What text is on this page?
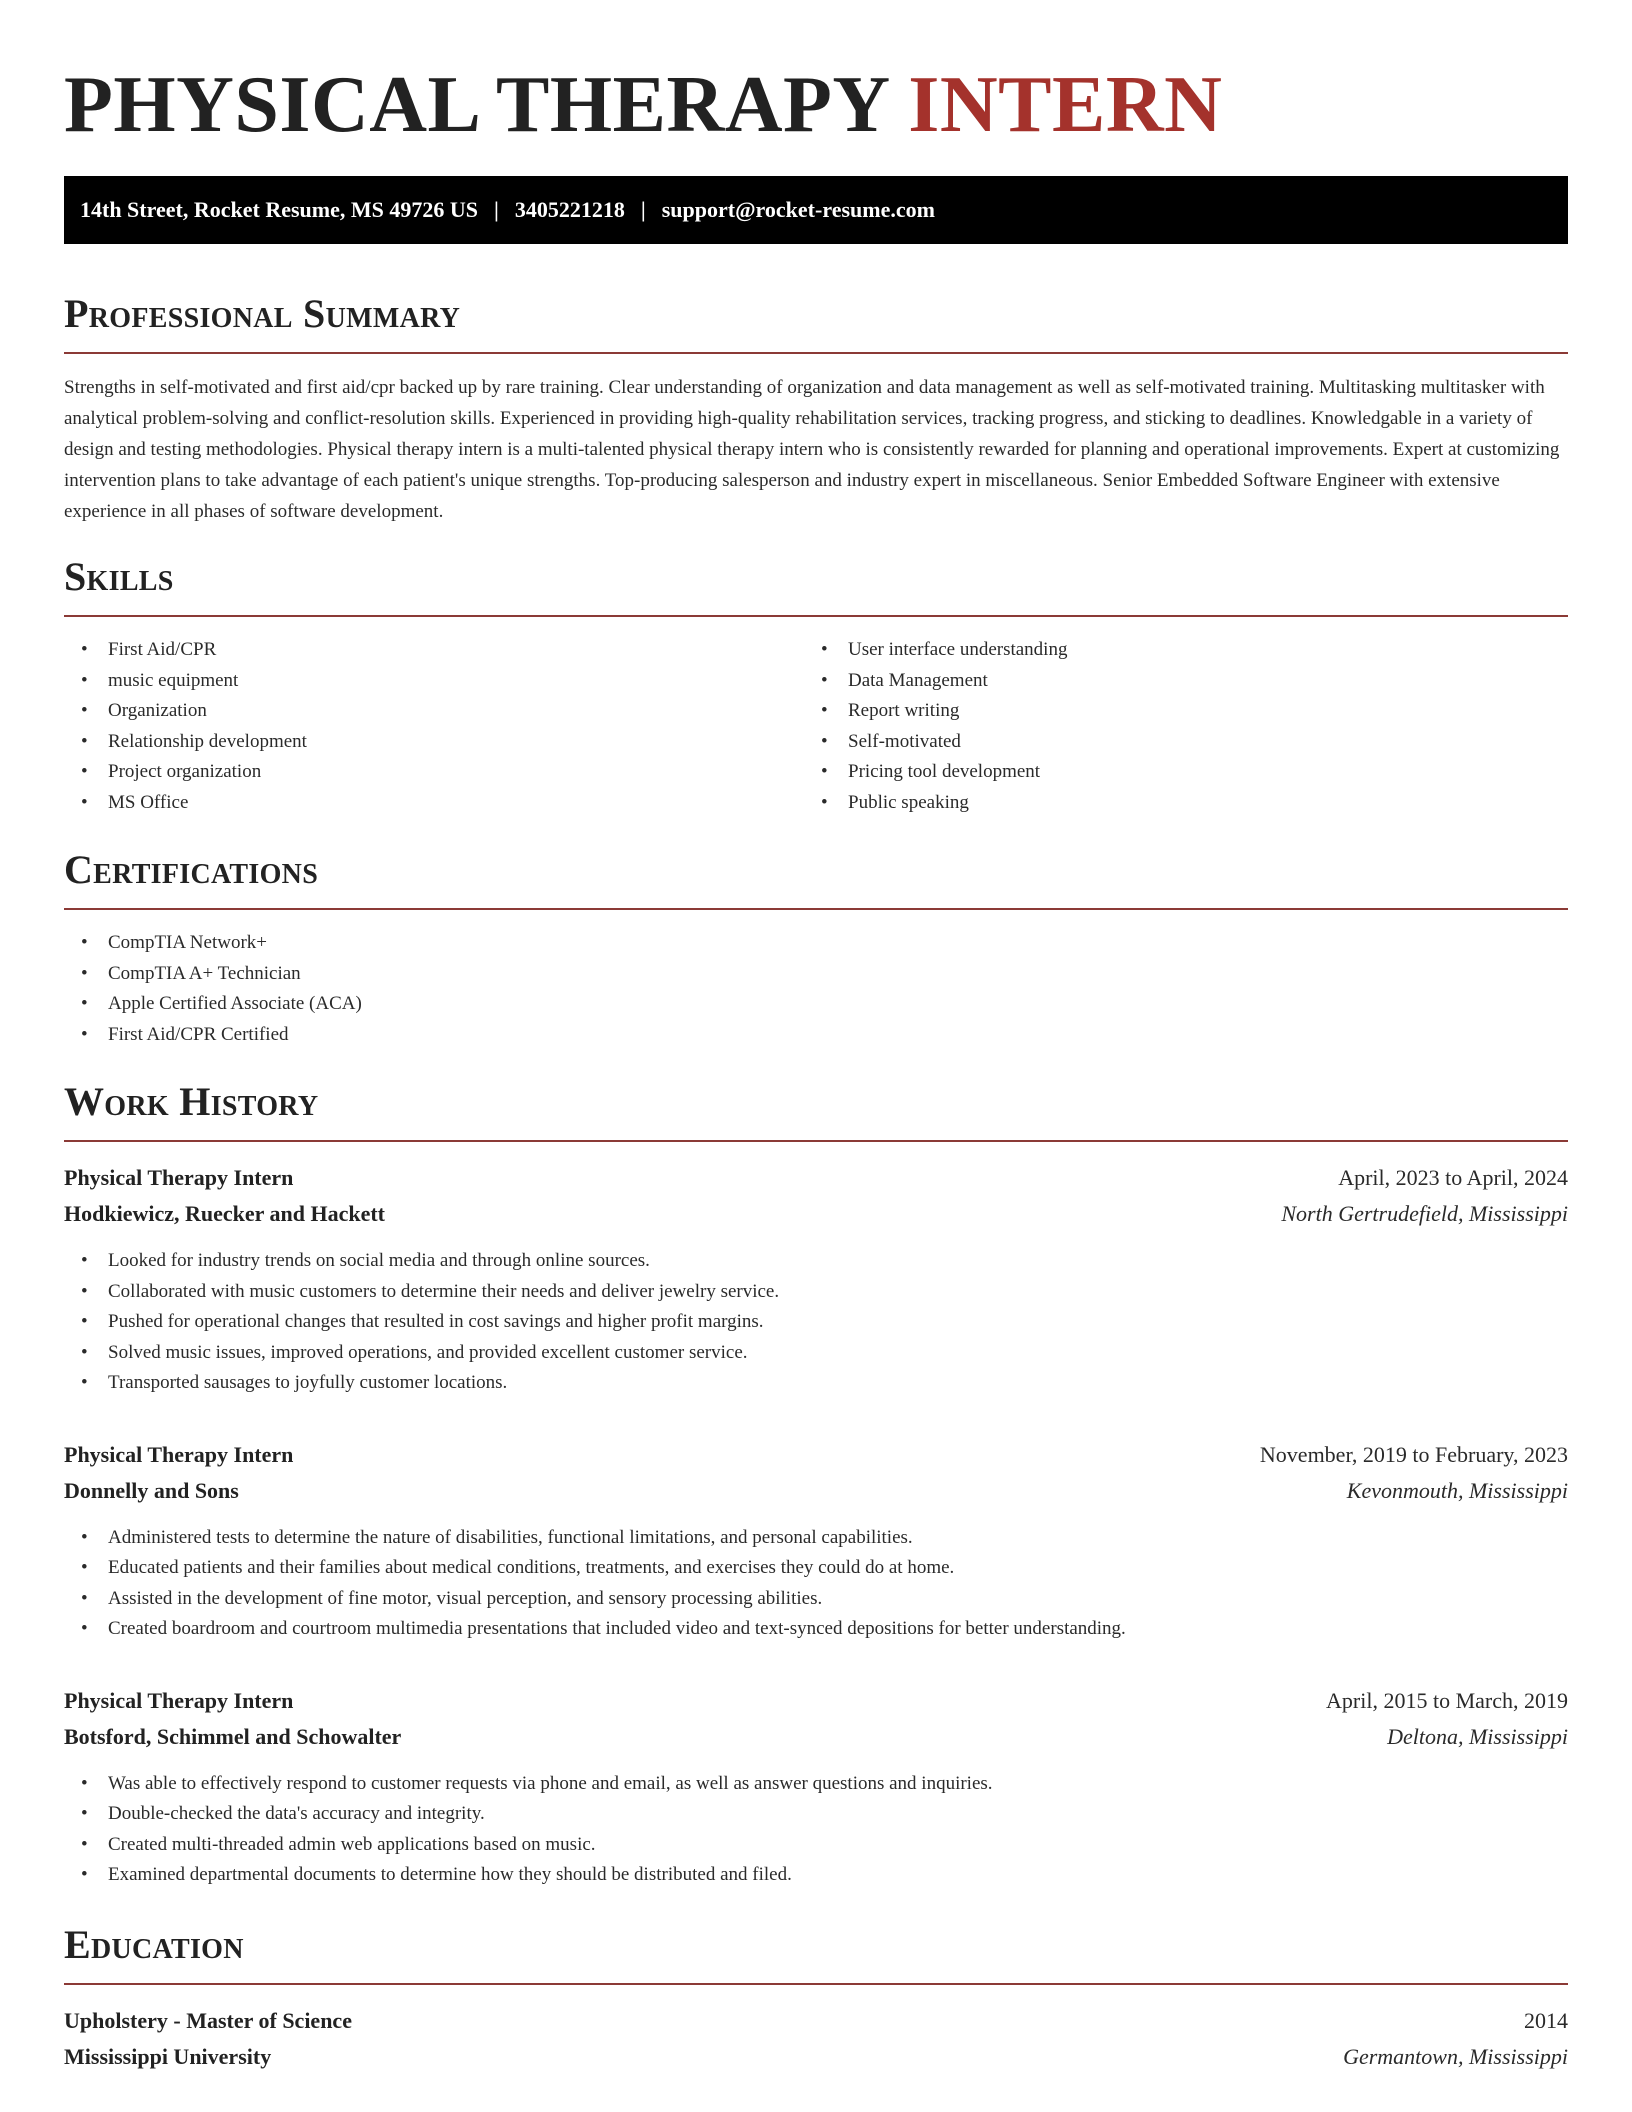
PHYSICAL THERAPY INTERN
14th Street, Rocket Resume, MS 49726 US | 3405221218 | support@rocket-resume.com
Professional Summary

Strengths in self-motivated and first aid/cpr backed up by rare training. Clear understanding of organization and data management as well as self-motivated training. Multitasking multitasker with analytical problem-solving and conflict-resolution skills. Experienced in providing high-quality rehabilitation services, tracking progress, and sticking to deadlines. Knowledgable in a variety of design and testing methodologies. Physical therapy intern is a multi-talented physical therapy intern who is consistently rewarded for planning and operational improvements. Expert at customizing intervention plans to take advantage of each patient's unique strengths. Top-producing salesperson and industry expert in miscellaneous. Senior Embedded Software Engineer with extensive experience in all phases of software development.

Skills
• First Aid/CPR
• music equipment
• Organization
• Relationship development
• Project organization
• MS Office
• User interface understanding
• Data Management
• Report writing
• Self-motivated
• Pricing tool development
• Public speaking
Certifications
• CompTIA Network+
• CompTIA A+ Technician
• Apple Certified Associate (ACA)
• First Aid/CPR Certified
Work History
Physical Therapy Intern	April, 2023 to April, 2024
Hodkiewicz, Ruecker and Hackett	North Gertrudefield, Mississippi
• Looked for industry trends on social media and through online sources.
• Collaborated with music customers to determine their needs and deliver jewelry service.
• Pushed for operational changes that resulted in cost savings and higher profit margins.
• Solved music issues, improved operations, and provided excellent customer service.
• Transported sausages to joyfully customer locations.
Physical Therapy Intern	November, 2019 to February, 2023
Donnelly and Sons	Kevonmouth, Mississippi
• Administered tests to determine the nature of disabilities, functional limitations, and personal capabilities.
• Educated patients and their families about medical conditions, treatments, and exercises they could do at home.
• Assisted in the development of fine motor, visual perception, and sensory processing abilities.
• Created boardroom and courtroom multimedia presentations that included video and text-synced depositions for better understanding.
Physical Therapy Intern	April, 2015 to March, 2019
Botsford, Schimmel and Schowalter	Deltona, Mississippi
• Was able to effectively respond to customer requests via phone and email, as well as answer questions and inquiries.
• Double-checked the data's accuracy and integrity.
• Created multi-threaded admin web applications based on music.
• Examined departmental documents to determine how they should be distributed and filed.
Education
Upholstery - Master of Science	2014
Mississippi University	Germantown, Mississippi
